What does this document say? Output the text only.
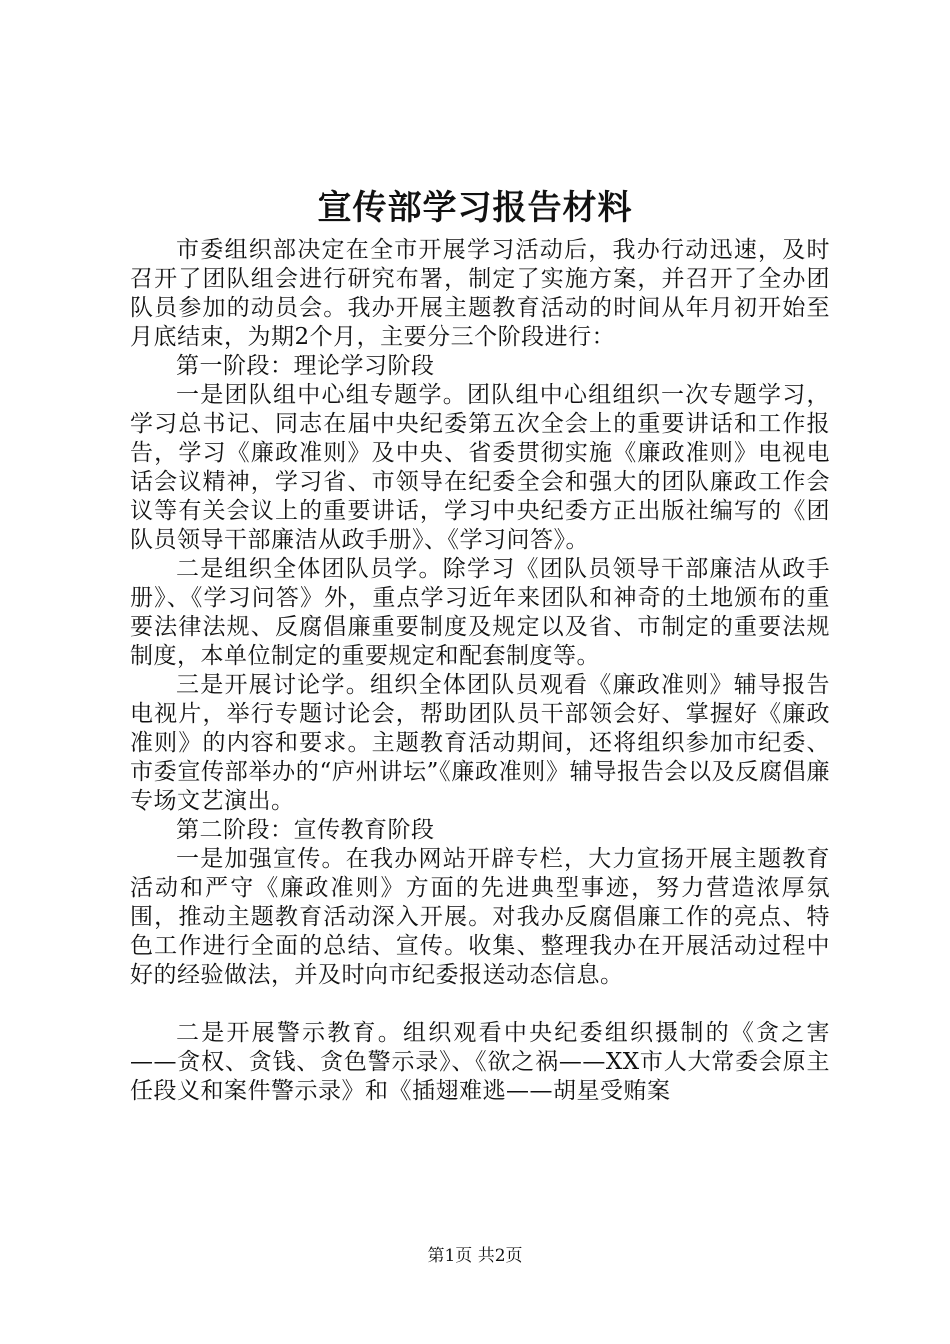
宣传部学习报告材料

市委组织部决定在全市开展学习活动后，我办行动迅速，及时召开了团队组会进行研究布署，制定了实施方案，并召开了全办团队员参加的动员会。我办开展主题教育活动的时间从年月初开始至月底结束，为期2个月，主要分三个阶段进行：

第一阶段：理论学习阶段

一是团队组中心组专题学。团队组中心组组织一次专题学习，学习总书记、同志在届中央纪委第五次全会上的重要讲话和工作报告，学习《廉政准则》及中央、省委贯彻实施《廉政准则》电视电话会议精神，学习省、市领导在纪委全会和强大的团队廉政工作会议等有关会议上的重要讲话，学习中央纪委方正出版社编写的《团队员领导干部廉洁从政手册》、《学习问答》。

二是组织全体团队员学。除学习《团队员领导干部廉洁从政手册》、《学习问答》外，重点学习近年来团队和神奇的土地颁布的重要法律法规、反腐倡廉重要制度及规定以及省、市制定的重要法规制度，本单位制定的重要规定和配套制度等。

三是开展讨论学。组织全体团队员观看《廉政准则》辅导报告电视片，举行专题讨论会，帮助团队员干部领会好、掌握好《廉政准则》的内容和要求。主题教育活动期间，还将组织参加市纪委、市委宣传部举办的“庐州讲坛”《廉政准则》辅导报告会以及反腐倡廉专场文艺演出。

第二阶段：宣传教育阶段

一是加强宣传。在我办网站开辟专栏，大力宣扬开展主题教育活动和严守《廉政准则》方面的先进典型事迹，努力营造浓厚氛围，推动主题教育活动深入开展。对我办反腐倡廉工作的亮点、特色工作进行全面的总结、宣传。收集、整理我办在开展活动过程中好的经验做法，并及时向市纪委报送动态信息。

二是开展警示教育。组织观看中央纪委组织摄制的《贪之害——贪权、贪钱、贪色警示录》、《欲之祸——XX市人大常委会原主任段义和案件警示录》和《插翅难逃——胡星受贿案

第1页 共2页
